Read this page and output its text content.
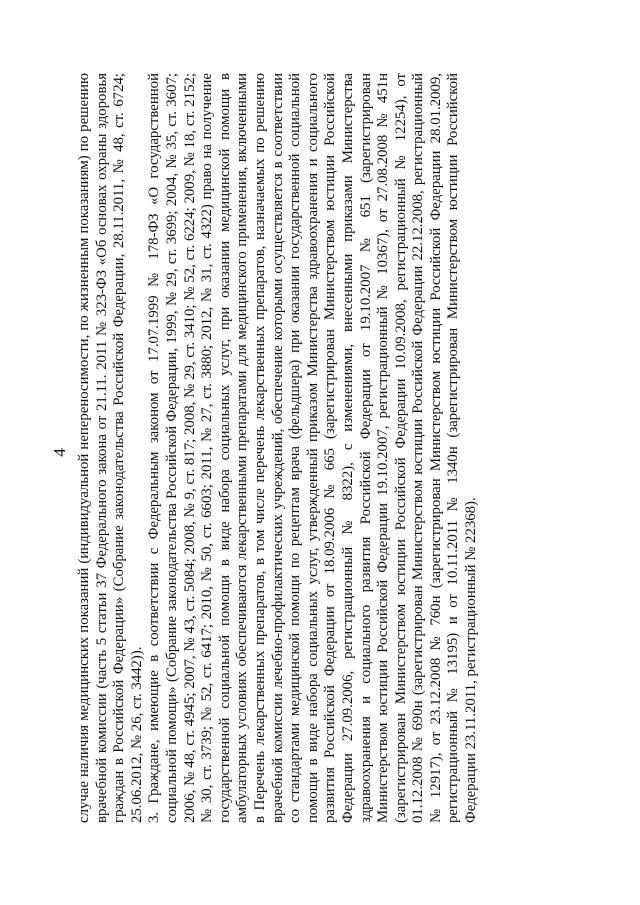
4 случае наличия медицинских показаний (индивидуальной непереносимости, по жизненным показаниям) по решению врачебной комиссии (часть 5 статьи 37 Федерального закона от 21.11. 2011 № 323-ФЗ «Об основах охраны здоровья граждан в Российской Федерации» (Собрание законодательства Российской Федерации, 28.11.2011, № 48, ст. 6724; 25.06.2012, № 26, ст. 3442)). 3. Граждане, имеющие в соответствии с Федеральным законом от 17.07.1999 № 178-ФЗ «О государственной социальной помощи» (Собрание законодательства Российской Федерации, 1999, № 29, ст. 3699; 2004, № 35, ст. 3607; 2006, № 48, ст. 4945; 2007, № 43, ст. 5084; 2008, № 9, ст. 817; 2008, № 29, ст. 3410; № 52, ст. 6224; 2009, № 18, ст. 2152; № 30, ст. 3739; № 52, ст. 6417; 2010, № 50, ст. 6603; 2011, № 27, ст. 3880; 2012, № 31, ст. 4322) право на получение государственной социальной помощи в виде набора социальных услуг, при оказании медицинской помощи в амбулаторных условиях обеспечиваются лекарственными препаратами для медицинского применения, включенными в Перечень лекарственных препаратов, в том числе перечень лекарственных препаратов, назначаемых по решению врачебной комиссии лечебно-профилактических учреждений, обеспечение которыми осуществляется в соответствии со стандартами медицинской помощи по рецептам врача (фельдшера) при оказании государственной социальной помощи в виде набора социальных услуг, утвержденный приказом Министерства здравоохранения и социального развития Российской Федерации от 18.09.2006 № 665 (зарегистрирован Министерством юстиции Российской Федерации 27.09.2006, регистрационный № 8322), с изменениями, внесенными приказами Министерства здравоохранения и социального развития Российской Федерации от 19.10.2007 № 651 (зарегистрирован Министерством юстиции Российской Федерации 19.10.2007, регистрационный № 10367), от 27.08.2008 № 451н (зарегистрирован Министерством юстиции Российской Федерации 10.09.2008, регистрационный № 12254), от 01.12.2008 № 690н (зарегистрирован Министерством юстиции Российской Федерации 22.12.2008, регистрационный № 12917), от 23.12.2008 № 760н (зарегистрирован Министерством юстиции Российской Федерации 28.01.2009, регистрационный № 13195) и от 10.11.2011 № 1340н (зарегистрирован Министерством юстиции Российской Федерации 23.11.2011, регистрационный № 22368).
